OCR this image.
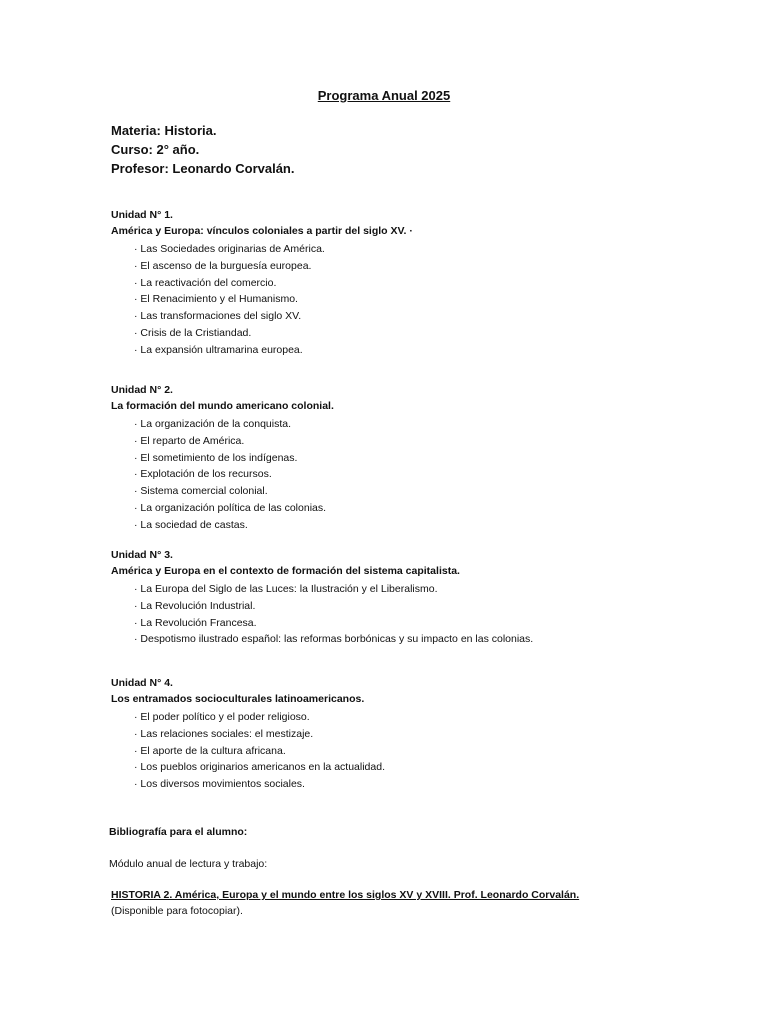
Programa Anual 2025
Materia: Historia.
Curso: 2° año.
Profesor: Leonardo Corvalán.
Unidad N° 1.
América y Europa: vínculos coloniales a partir del siglo XV. ·
· Las Sociedades originarias de América.
· El ascenso de la burguesía europea.
· La reactivación del comercio.
· El Renacimiento y el Humanismo.
· Las transformaciones del siglo XV.
· Crisis de la Cristiandad.
· La expansión ultramarina europea.
Unidad N° 2.
La formación del mundo americano colonial.
· La organización de la conquista.
· El reparto de América.
· El sometimiento de los indígenas.
· Explotación de los recursos.
· Sistema comercial colonial.
· La organización política de las colonias.
· La sociedad de castas.
Unidad N° 3.
América y Europa en el contexto de formación del sistema capitalista.
· La Europa del Siglo de las Luces: la Ilustración y el Liberalismo.
· La Revolución Industrial.
· La Revolución Francesa.
· Despotismo ilustrado español: las reformas borbónicas y su impacto en las colonias.
Unidad N° 4.
Los entramados socioculturales latinoamericanos.
· El poder político y el poder religioso.
· Las relaciones sociales: el mestizaje.
· El aporte de la cultura africana.
· Los pueblos originarios americanos en la actualidad.
· Los diversos movimientos sociales.
Bibliografía para el alumno:
Módulo anual de lectura y trabajo:
HISTORIA 2. América, Europa y el mundo entre los siglos XV y XVIII. Prof. Leonardo Corvalán.
(Disponible para fotocopiar).
